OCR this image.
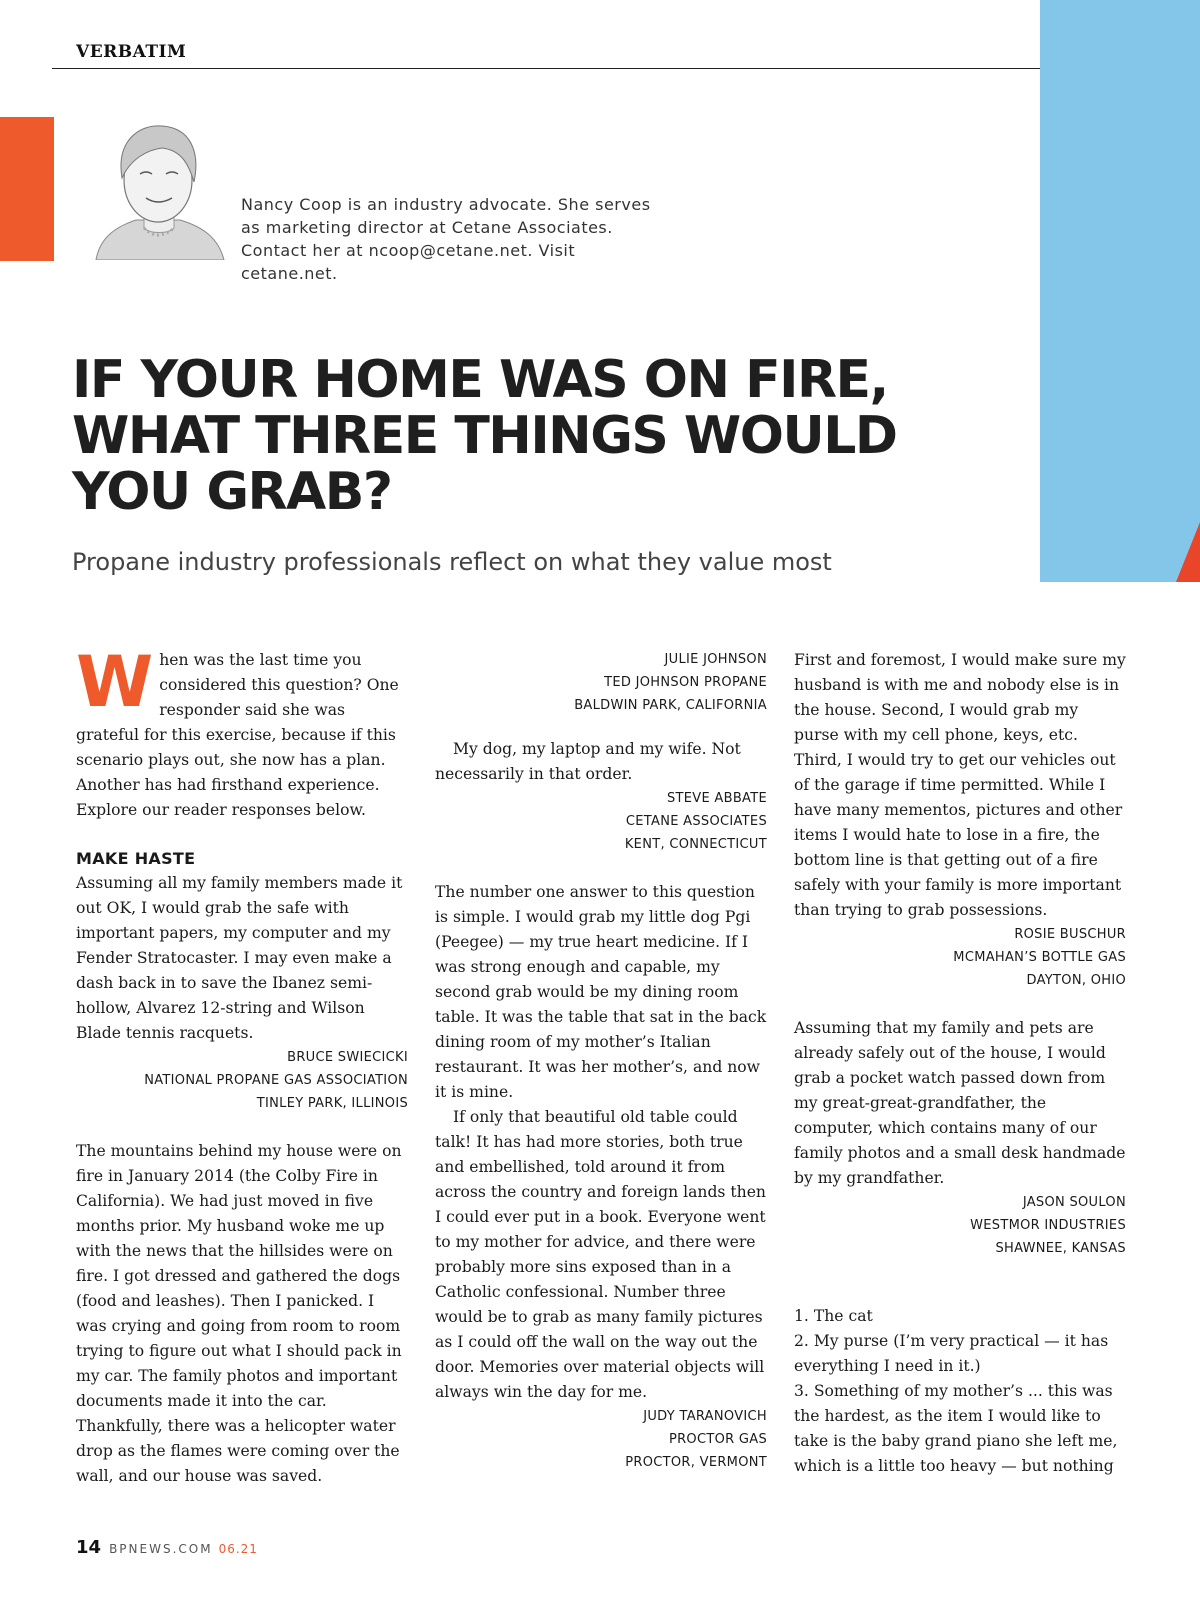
VERBATIM
Nancy Coop is an industry advocate. She serves as marketing director at Cetane Associates. Contact her at ncoop@cetane.net. Visit cetane.net.
IF YOUR HOME WAS ON FIRE, WHAT THREE THINGS WOULD YOU GRAB?
Propane industry professionals reflect on what they value most

When was the last time you considered this question? One responder said she was grateful for this exercise, because if this scenario plays out, she now has a plan. Another has had firsthand experience. Explore our reader responses below.

MAKE HASTE

Assuming all my family members made it out OK, I would grab the safe with important papers, my computer and my Fender Stratocaster. I may even make a dash back in to save the Ibanez semi-hollow, Alvarez 12-string and Wilson Blade tennis racquets.

BRUCE SWIECICKI

NATIONAL PROPANE GAS ASSOCIATION

TINLEY PARK, ILLINOIS

The mountains behind my house were on fire in January 2014 (the Colby Fire in California). We had just moved in five months prior. My husband woke me up with the news that the hillsides were on fire. I got dressed and gathered the dogs (food and leashes). Then I panicked. I was crying and going from room to room trying to figure out what I should pack in my car. The family photos and important documents made it into the car. Thankfully, there was a helicopter water drop as the flames were coming over the wall, and our house was saved.

JULIE JOHNSON

TED JOHNSON PROPANE

BALDWIN PARK, CALIFORNIA

My dog, my laptop and my wife. Not necessarily in that order.

STEVE ABBATE

CETANE ASSOCIATES

KENT, CONNECTICUT

The number one answer to this question is simple. I would grab my little dog Pgi (Peegee) — my true heart medicine. If I was strong enough and capable, my second grab would be my dining room table. It was the table that sat in the back dining room of my mother’s Italian restaurant. It was her mother’s, and now it is mine.

If only that beautiful old table could talk! It has had more stories, both true and embellished, told around it from across the country and foreign lands then I could ever put in a book. Everyone went to my mother for advice, and there were probably more sins exposed than in a Catholic confessional. Number three would be to grab as many family pictures as I could off the wall on the way out the door. Memories over material objects will always win the day for me.

JUDY TARANOVICH

PROCTOR GAS

PROCTOR, VERMONT

First and foremost, I would make sure my husband is with me and nobody else is in the house. Second, I would grab my purse with my cell phone, keys, etc. Third, I would try to get our vehicles out of the garage if time permitted. While I have many mementos, pictures and other items I would hate to lose in a fire, the bottom line is that getting out of a fire safely with your family is more important than trying to grab possessions.

ROSIE BUSCHUR

MCMAHAN’S BOTTLE GAS

DAYTON, OHIO

Assuming that my family and pets are already safely out of the house, I would grab a pocket watch passed down from my great-great-grandfather, the computer, which contains many of our family photos and a small desk handmade by my grandfather.

JASON SOULON

WESTMOR INDUSTRIES

SHAWNEE, KANSAS

1. The cat

2. My purse (I’m very practical — it has everything I need in it.)

3. Something of my mother’s ... this was the hardest, as the item I would like to take is the baby grand piano she left me, which is a little too heavy — but nothing

14 BPNEWS.COM 06.21
